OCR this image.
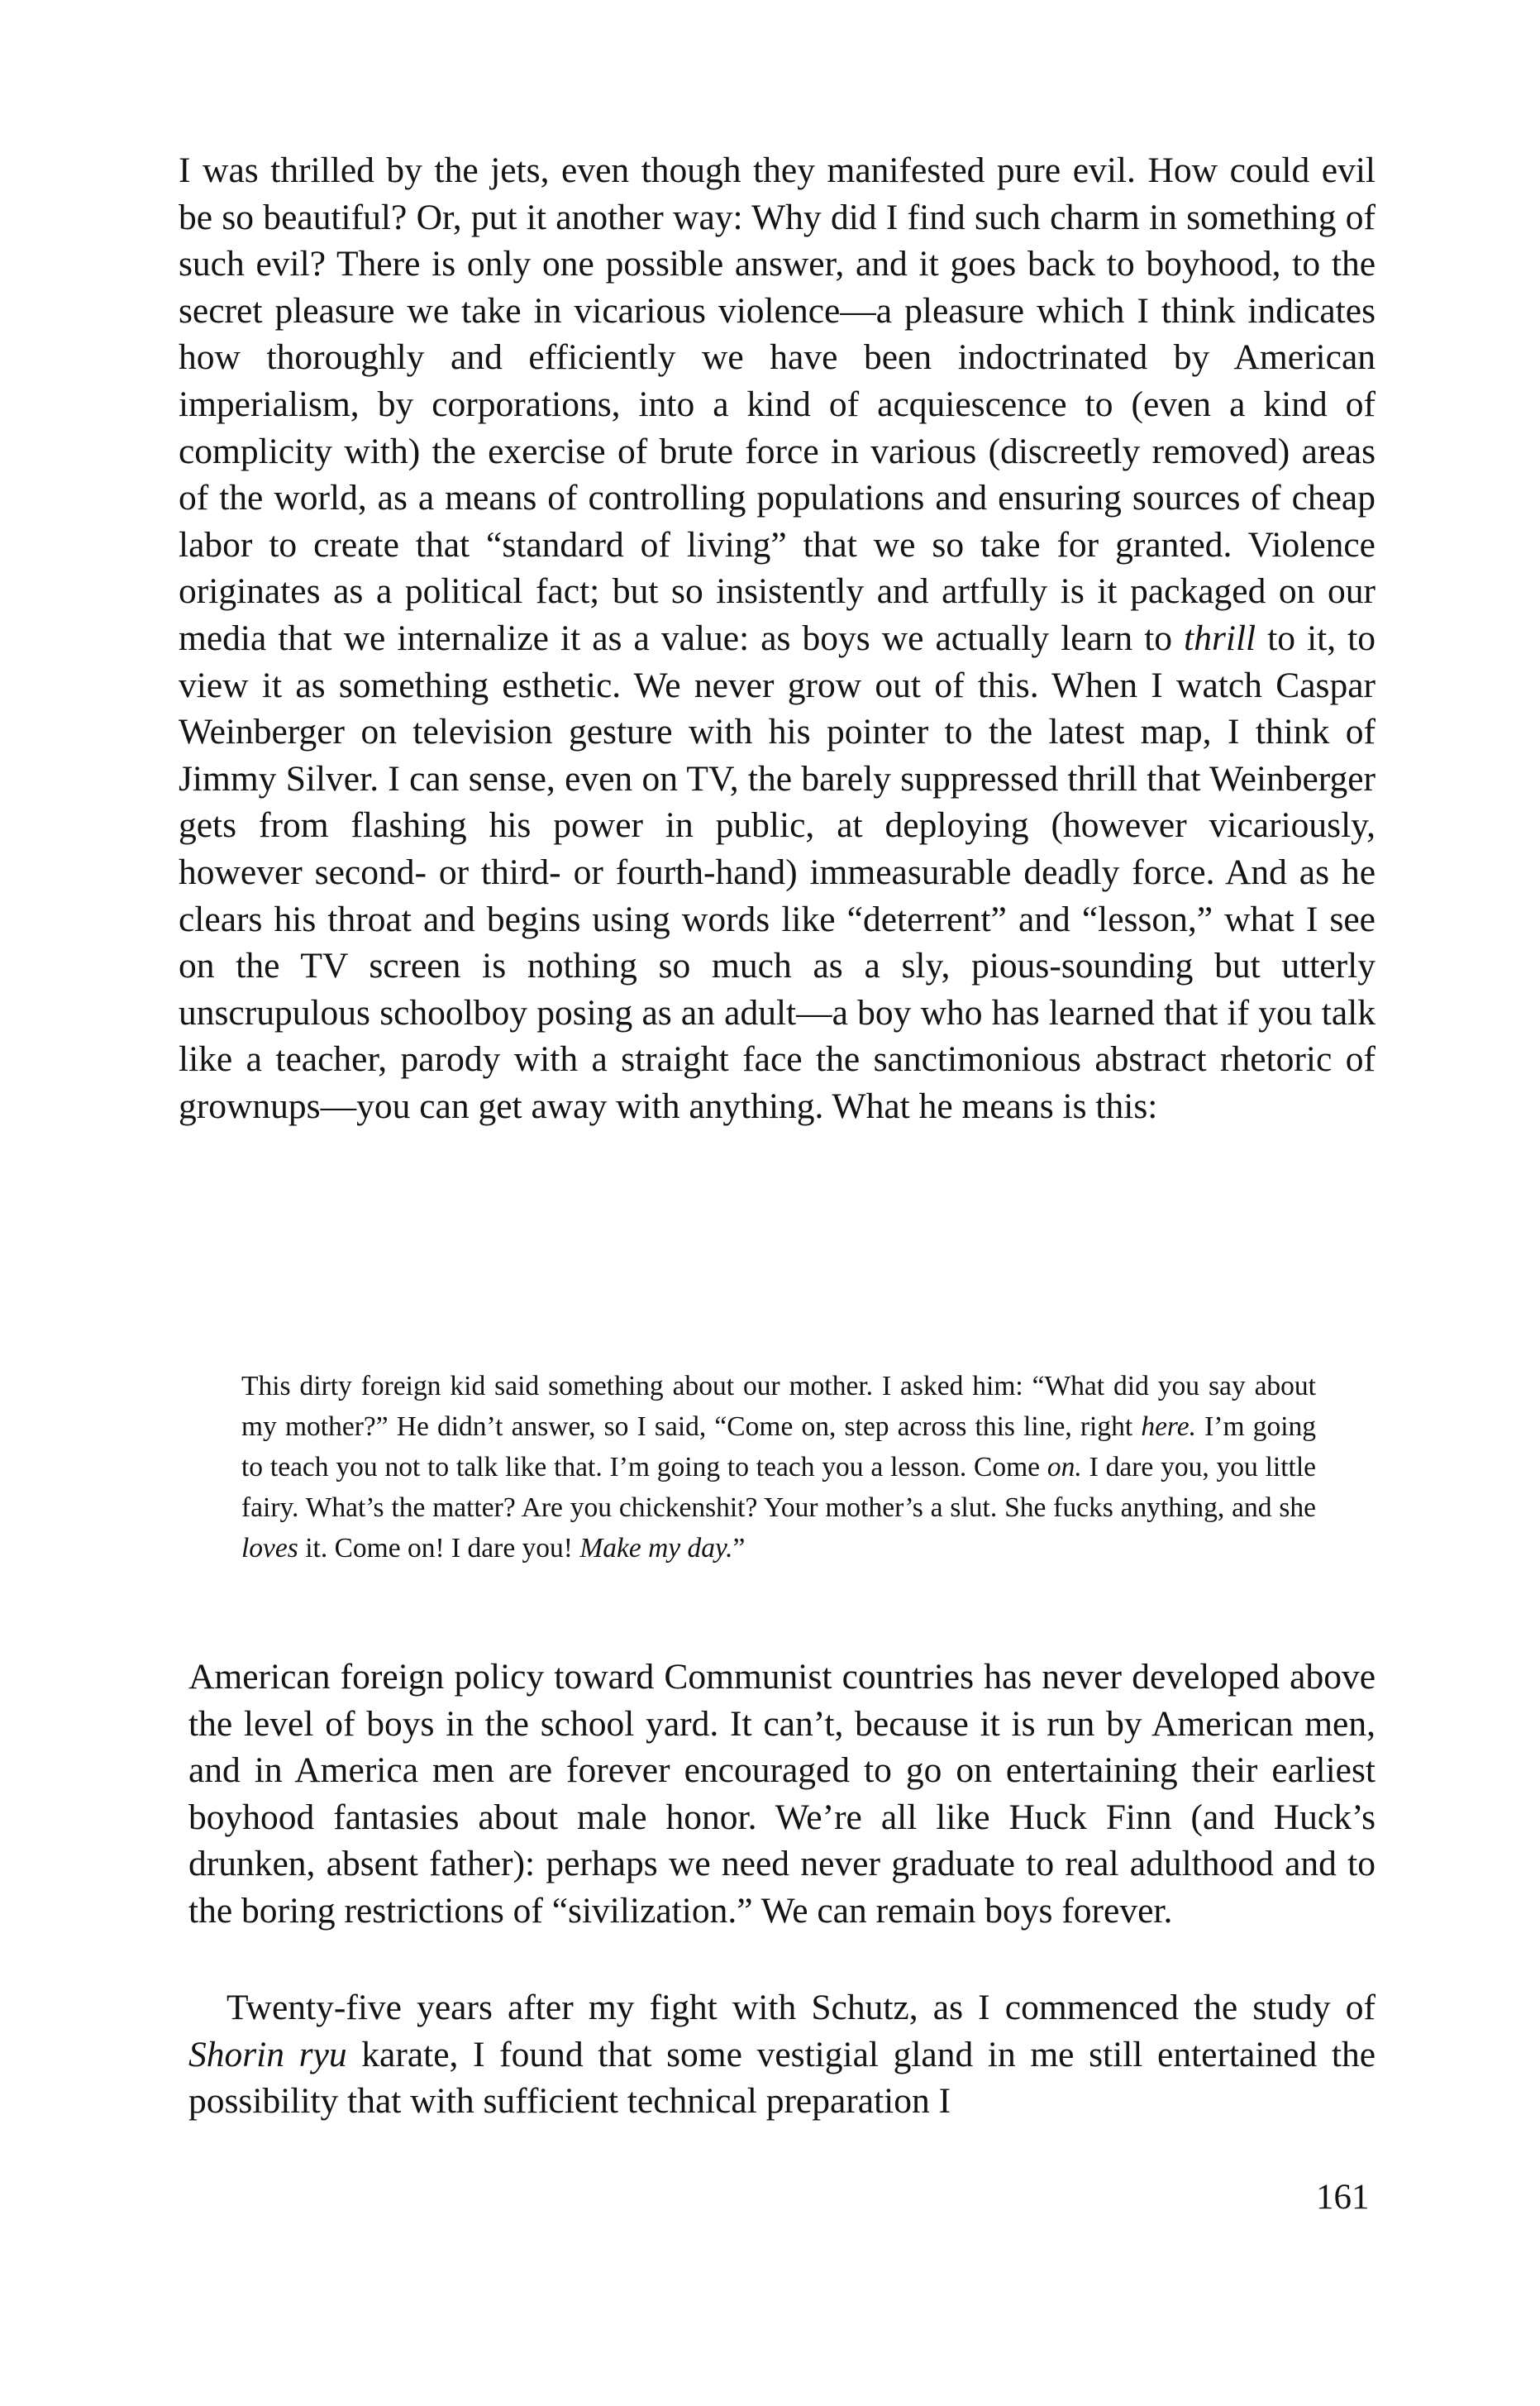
I was thrilled by the jets, even though they manifested pure evil. How could evil be so beautiful? Or, put it another way: Why did I find such charm in something of such evil? There is only one possible answer, and it goes back to boyhood, to the secret pleasure we take in vicarious violence—a pleasure which I think indicates how thoroughly and efficiently we have been indoctrinated by American imperialism, by corporations, into a kind of acquiescence to (even a kind of complicity with) the exercise of brute force in various (discreetly removed) areas of the world, as a means of controlling populations and ensuring sources of cheap labor to create that “standard of living” that we so take for granted. Violence originates as a political fact; but so insistently and artfully is it packaged on our media that we internalize it as a value: as boys we actually learn to thrill to it, to view it as something esthetic. We never grow out of this. When I watch Caspar Weinberger on television gesture with his pointer to the latest map, I think of Jimmy Silver. I can sense, even on TV, the barely suppressed thrill that Weinberger gets from flashing his power in public, at deploying (however vicariously, however second- or third- or fourth-hand) immeasurable deadly force. And as he clears his throat and begins using words like “deterrent” and “lesson,” what I see on the TV screen is nothing so much as a sly, pious-sounding but utterly unscrupulous schoolboy posing as an adult—a boy who has learned that if you talk like a teacher, parody with a straight face the sanctimonious abstract rhetoric of grownups—you can get away with anything. What he means is this:

This dirty foreign kid said something about our mother. I asked him: “What did you say about my mother?” He didn’t answer, so I said, “Come on, step across this line, right here. I’m going to teach you not to talk like that. I’m going to teach you a lesson. Come on. I dare you, you little fairy. What’s the matter? Are you chickenshit? Your mother’s a slut. She fucks anything, and she loves it. Come on! I dare you! Make my day.”

American foreign policy toward Communist countries has never developed above the level of boys in the school yard. It can’t, because it is run by American men, and in America men are forever encouraged to go on entertaining their earliest boyhood fantasies about male honor. We’re all like Huck Finn (and Huck’s drunken, absent father): perhaps we need never graduate to real adulthood and to the boring restrictions of “sivilization.” We can remain boys forever.

Twenty-five years after my fight with Schutz, as I commenced the study of Shorin ryu karate, I found that some vestigial gland in me still entertained the possibility that with sufficient technical preparation I

161
